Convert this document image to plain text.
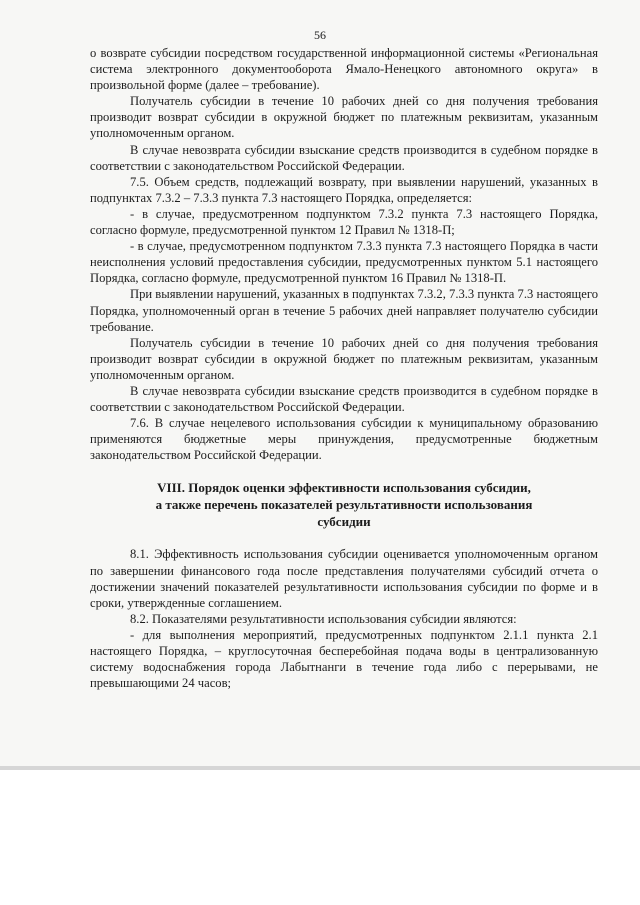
56

о возврате субсидии посредством государственной информационной системы «Региональная система электронного документооборота Ямало-Ненецкого автономного округа» в произвольной форме (далее – требование).

Получатель субсидии в течение 10 рабочих дней со дня получения требования производит возврат субсидии в окружной бюджет по платежным реквизитам, указанным уполномоченным органом.

В случае невозврата субсидии взыскание средств производится в судебном порядке в соответствии с законодательством Российской Федерации.

7.5. Объем средств, подлежащий возврату, при выявлении нарушений, указанных в подпунктах 7.3.2 – 7.3.3 пункта 7.3 настоящего Порядка, определяется:

- в случае, предусмотренном подпунктом 7.3.2 пункта 7.3 настоящего Порядка, согласно формуле, предусмотренной пунктом 12 Правил № 1318-П;

- в случае, предусмотренном подпунктом 7.3.3 пункта 7.3 настоящего Порядка в части неисполнения условий предоставления субсидии, предусмотренных пунктом 5.1 настоящего Порядка, согласно формуле, предусмотренной пунктом 16 Правил № 1318-П.

При выявлении нарушений, указанных в подпунктах 7.3.2, 7.3.3 пункта 7.3 настоящего Порядка, уполномоченный орган в течение 5 рабочих дней направляет получателю субсидии требование.

Получатель субсидии в течение 10 рабочих дней со дня получения требования производит возврат субсидии в окружной бюджет по платежным реквизитам, указанным уполномоченным органом.

В случае невозврата субсидии взыскание средств производится в судебном порядке в соответствии с законодательством Российской Федерации.

7.6. В случае нецелевого использования субсидии к муниципальному образованию применяются бюджетные меры принуждения, предусмотренные бюджетным законодательством Российской Федерации.

VIII. Порядок оценки эффективности использования субсидии,
а также перечень показателей результативности использования
субсидии

8.1. Эффективность использования субсидии оценивается уполномоченным органом по завершении финансового года после представления получателями субсидий отчета о достижении значений показателей результативности использования субсидии по форме и в сроки, утвержденные соглашением.

8.2. Показателями результативности использования субсидии являются:

- для выполнения мероприятий, предусмотренных подпунктом 2.1.1 пункта 2.1 настоящего Порядка, – круглосуточная бесперебойная подача воды в централизованную систему водоснабжения города Лабытнанги в течение года либо с перерывами, не превышающими 24 часов;
